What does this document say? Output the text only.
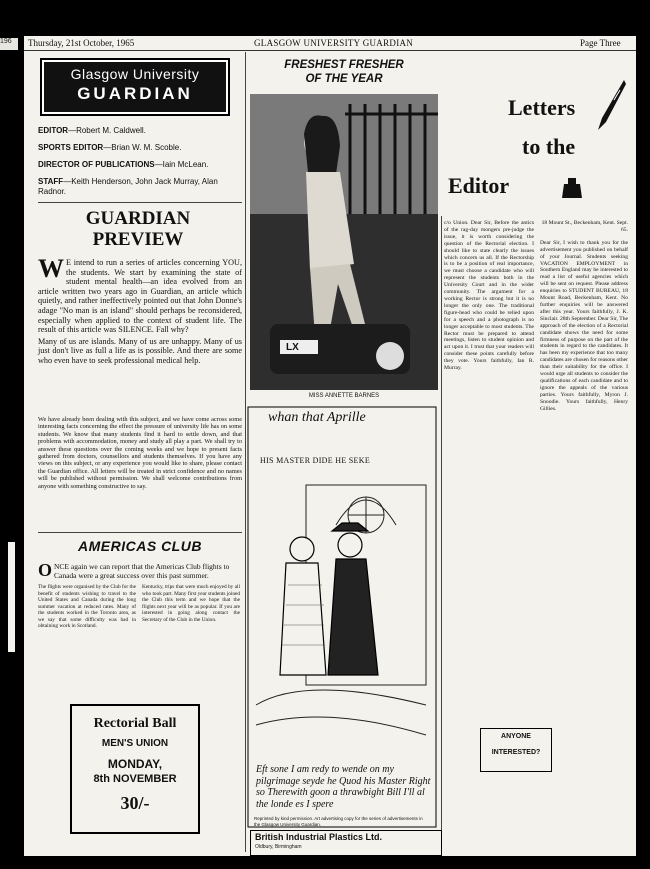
196	Thursday, 21st October, 1965	GLASGOW UNIVERSITY GUARDIAN	Page Three
Glasgow University
GUARDIAN

EDITOR—Robert M. Caldwell.

SPORTS EDITOR—Brian W. M. Scoble.

DIRECTOR OF PUBLICATIONS—Iain McLean.

STAFF—Keith Henderson, John Jack Murray, Alan Radnor.

GUARDIAN
PREVIEW

W E intend to run a series of articles concerning YOU, the students. We start by examining the state of student mental health—an idea evolved from an article written two years ago in Guardian, an article which quietly, and rather ineffectively pointed out that John Donne's adage "No man is an island" should perhaps be reconsidered, especially when applied to the context of student life. The result of this article was SILENCE. Fall why?

Many of us are islands. Many of us are unhappy. Many of us just don't live as full a life as is possible. And there are some who even have to seek professional medical help.

We have already been dealing with this subject, and we have come across some interesting facts concerning the effect the pressure of university life has on some students. We know that many students find it hard to settle down, and that problems with accommodation, money and study all play a part. We shall try to answer these questions over the coming weeks and we hope to present facts gathered from doctors, counsellors and students themselves. If you have any views on this subject, or any experience you would like to share, please contact the Guardian office. All letters will be treated in strict confidence and no names will be published without permission. We shall welcome contributions from anyone with something constructive to say.
AMERICAS CLUB
ONCE again we can report that the Americas Club flights to Canada were a great success over this past summer.
The flights were organised by the Club for the benefit of students wishing to travel to the United States and Canada during the long summer vacation at reduced rates. Many of the students worked in the Toronto area, as we say that some difficulty was had in obtaining work in Scotland.
Kentucky, trips that were much enjoyed by all who took part. Many first year students joined the Club this term and we hope that the flights next year will be as popular. If you are interested in going along contact the Secretary of the Club in the Union.
Rectorial Ball
MEN'S UNION
MONDAY,
8th NOVEMBER
30/-
FRESHEST FRESHER
OF THE YEAR
LX
MISS ANNETTE BARNES
whan that Aprille
HIS MASTER DIDE HE SEKE
Eft sone I am redy to wende on my pilgrimage seyde he Quod his Master Right so Therewith goon a thrawbight Bill I'll al the londe es I spere
Reprinted by kind permission. Art advertising copy for the series of advertisements in the Glasgow University Guardian.
British Industrial Plastics Ltd.
Oldbury, Birmingham
Letters
to the
Editor
c/o Union. Dear Sir, Before the antics of the rag-day mongers pre-judge the issue, it is worth considering the question of the Rectorial election. I should like to state clearly the issues which concern us all. If the Rectorship is to be a position of real importance, we must choose a candidate who will represent the students both in the University Court and in the wider community. The argument for a working Rector is strong but it is no longer the only one. The traditional figure-head who could be relied upon for a speech and a photograph is no longer acceptable to most students. The Rector must be prepared to attend meetings, listen to student opinion and act upon it. I trust that your readers will consider these points carefully before they vote. Yours faithfully, Ian R. Murray.
18 Mount St., Beckenham, Kent. Sept. 65.
Dear Sir, I wish to thank you for the advertisement you published on behalf of your Journal. Students seeking VACATION EMPLOYMENT in Southern England may be interested to read a list of useful agencies which will be sent on request. Please address enquiries to STUDENT BUREAU, 18 Mount Road, Beckenham, Kent. No further enquiries will be answered after this year. Yours faithfully, J. K. Sinclair. 28th September. Dear Sir, The approach of the election of a Rectorial candidate shows the need for some firmness of purpose on the part of the students in regard to the candidates. It has been my experience that too many candidates are chosen for reasons other than their suitability for the office. I would urge all students to consider the qualifications of each candidate and to ignore the appeals of the various parties. Yours faithfully, Myron J. Snoodie. Yours faithfully, Henry Gillies.
ANYONE
INTERESTED?
